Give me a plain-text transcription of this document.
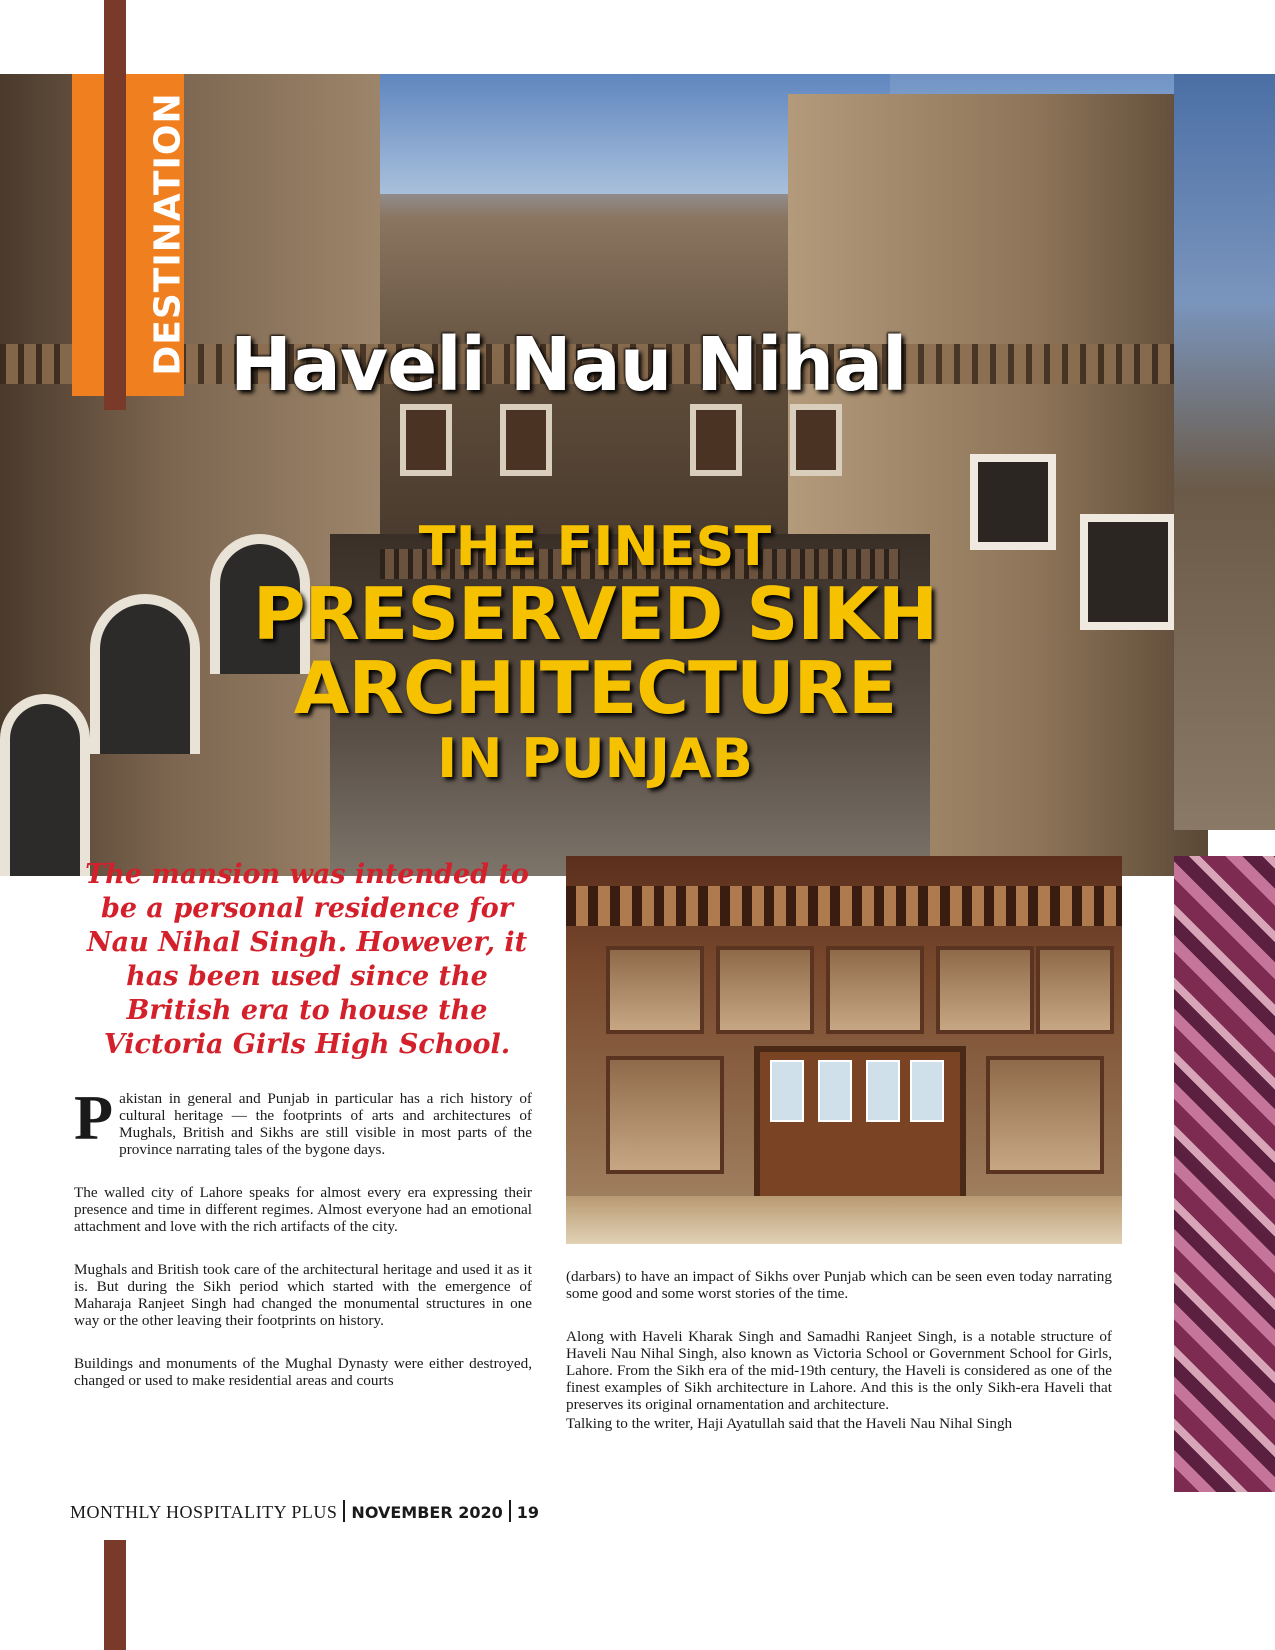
DESTINATION Haveli Nau Nihal
THE FINEST
PRESERVED SIKH
ARCHITECTURE
IN PUNJAB
The mansion was intended to be a personal residence for Nau Nihal Singh. However, it has been used since the British era to house the Victoria Girls High School.

Pakistan in general and Punjab in particular has a rich history of cultural heritage — the footprints of arts and architectures of Mughals, British and Sikhs are still visible in most parts of the province narrating tales of the bygone days.

The walled city of Lahore speaks for almost every era expressing their presence and time in different regimes. Almost everyone had an emotional attachment and love with the rich artifacts of the city.

Mughals and British took care of the architectural heritage and used it as it is. But during the Sikh period which started with the emergence of Maharaja Ranjeet Singh had changed the monumental structures in one way or the other leaving their footprints on history.

Buildings and monuments of the Mughal Dynasty were either destroyed, changed or used to make residential areas and courts

(darbars) to have an impact of Sikhs over Punjab which can be seen even today narrating some good and some worst stories of the time.

Along with Haveli Kharak Singh and Samadhi Ranjeet Singh, is a notable structure of Haveli Nau Nihal Singh, also known as Victoria School or Government School for Girls, Lahore. From the Sikh era of the mid-19th century, the Haveli is considered as one of the finest examples of Sikh architecture in Lahore. And this is the only Sikh-era Haveli that preserves its original ornamentation and architecture.

Talking to the writer, Haji Ayatullah said that the Haveli Nau Nihal Singh

MONTHLY HOSPITALITY PLUS NOVEMBER 2020 19
